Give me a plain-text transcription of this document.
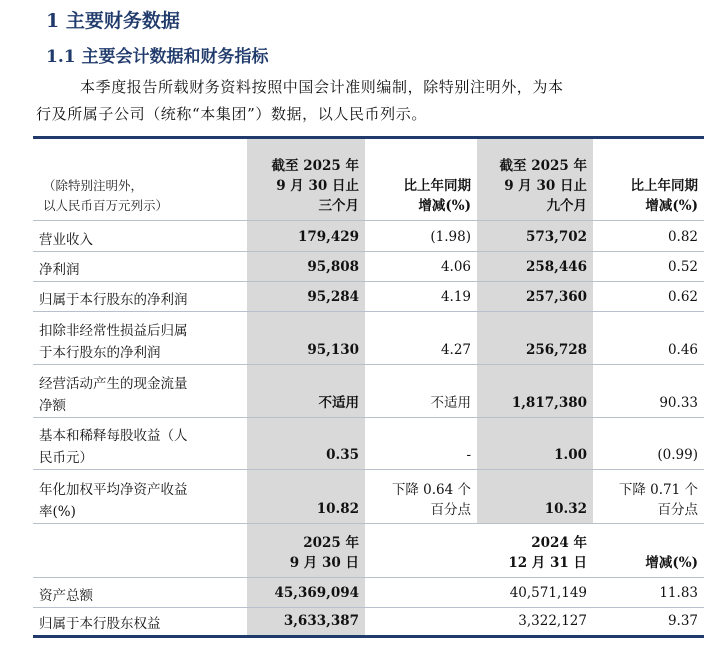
1 主要财务数据
1.1 主要会计数据和财务指标
本季度报告所载财务资料按照中国会计准则编制，除特别注明外，为本
行及所属子公司（统称“本集团”）数据，以人民币列示。
（除特别注明外，
以人民币百万元列示）	截至 2025 年
9 月 30 日止
三个月	比上年同期
增减(%)	截至 2025 年
9 月 30 日止
九个月	比上年同期
增减(%)

营业收入	179,429	(1.98)	573,702	0.82
净利润	95,808	4.06	258,446	0.52
归属于本行股东的净利润	95,284	4.19	257,360	0.62

扣除非经常性损益后归属
于本行股东的净利润	95,130	4.27	256,728	0.46

经营活动产生的现金流量
净额	不适用	不适用	1,817,380	90.33

基本和稀释每股收益（人
民币元）	0.35	-	1.00	(0.99)

年化加权平均净资产收益
率(%)	10.82	下降 0.64 个
百分点	10.32	下降 0.71 个
百分点

	2025 年
9 月 30 日		2024 年
12 月 31 日	增减(%)

资产总额	45,369,094		40,571,149	11.83
归属于本行股东权益	3,633,387		3,322,127	9.37
